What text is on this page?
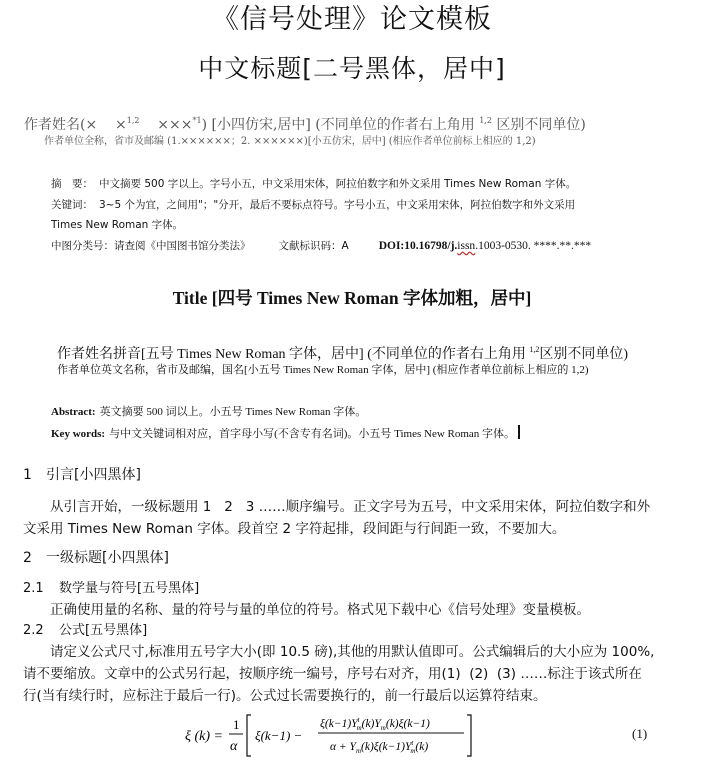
《信号处理》论文模板
中文标题[二号黑体，居中]
作者姓名(×    ×$^{1,2}$    ×××$^{*1}$) [小四仿宋,居中] (不同单位的作者右上角用 $^{1,2}$ 区别不同单位)
作者单位全称，省市及邮编 (1.××××××；2. ××××××)[小五仿宋，居中] (相应作者单位前标上相应的 1,2)
摘　要： 中文摘要 500 字以上。字号小五，中文采用宋体，阿拉伯数字和外文采用 Times New Roman 字体。
关键词： 3~5 个为宜，之间用"；"分开，最后不要标点符号。字号小五，中文采用宋体，阿拉伯数字和外文采用
Times New Roman 字体。
中图分类号：请查阅《中国图书馆分类法》	文献标识码：A	DOI:10.16798/j.issn.1003-0530. ****.**.***
Title [四号 Times New Roman 字体加粗，居中]
作者姓名拼音[五号 Times New Roman 字体，居中] (不同单位的作者右上角用 $^{1,2}$区别不同单位)
作者单位英文名称，省市及邮编，国名[小五号 Times New Roman 字体，居中] (相应作者单位前标上相应的 1,2)
Abstract: 英文摘要 500 词以上。小五号 Times New Roman 字体。
Key words: 与中文关键词相对应，首字母小写(不含专有名词)。小五号 Times New Roman 字体。
1 引言[小四黑体]

从引言开始，一级标题用 1   2   3 ……顺序编号。正文字号为五号，中文采用宋体，阿拉伯数字和外

文采用 Times New Roman 字体。段首空 2 字符起排，段间距与行间距一致，不要加大。

2 一级标题[小四黑体]
2.1 数学量与符号[五号黑体]

正确使用量的名称、量的符号与量的单位的符号。格式见下载中心《信号处理》变量模板。

2.2 公式[五号黑体]

请定义公式尺寸,标准用五号字大小(即 10.5 磅),其他的用默认值即可。公式编辑后的大小应为 100%,

请不要缩放。文章中的公式另行起，按顺序统一编号，序号右对齐，用(1)  (2)  (3) ……标注于该式所在

行(当有续行时，应标注于最后一行)。公式过长需要换行的，前一行最后以运算符结束。

ξ (k) =
1
α
ξ(k−1) −
$\xi(k-1)Y^t$ $m(k)Y_m(k)\xi(k-1)$
$\alpha + Y_m(k)\xi(k-1)Y^t$ m(k)
(1)
